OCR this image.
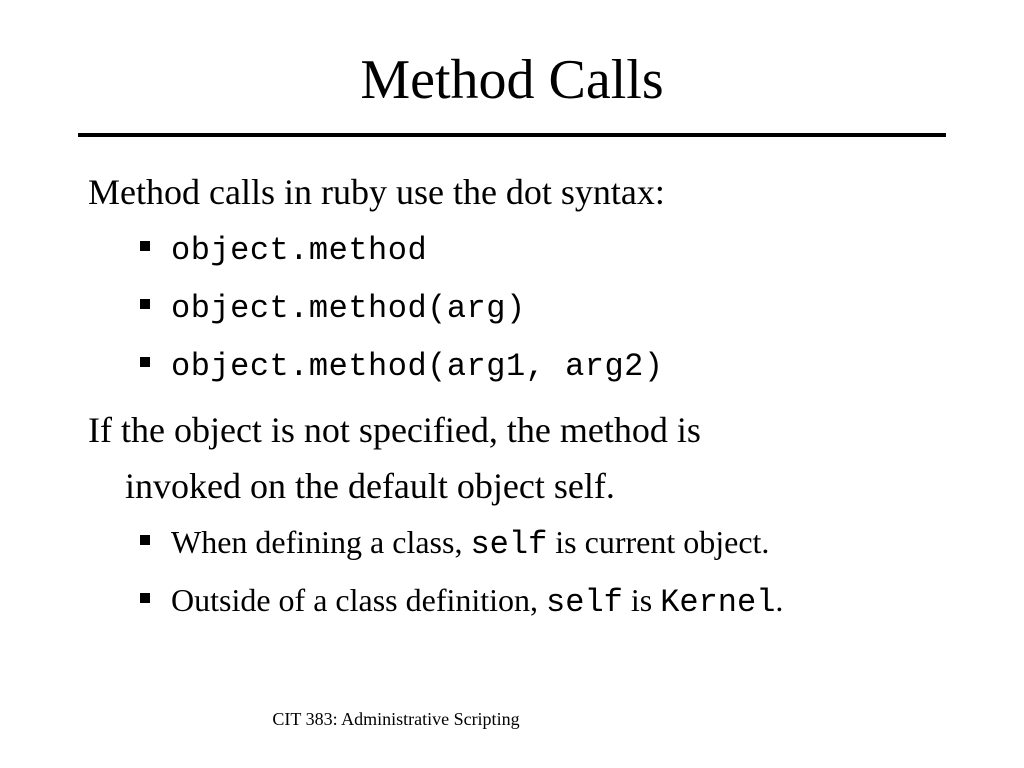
Method Calls
Method calls in ruby use the dot syntax:
object.method
object.method(arg)
object.method(arg1, arg2)
If the object is not specified, the method is
invoked on the default object self.
When defining a class, self is current object.
Outside of a class definition, self is Kernel.
CIT 383: Administrative Scripting
